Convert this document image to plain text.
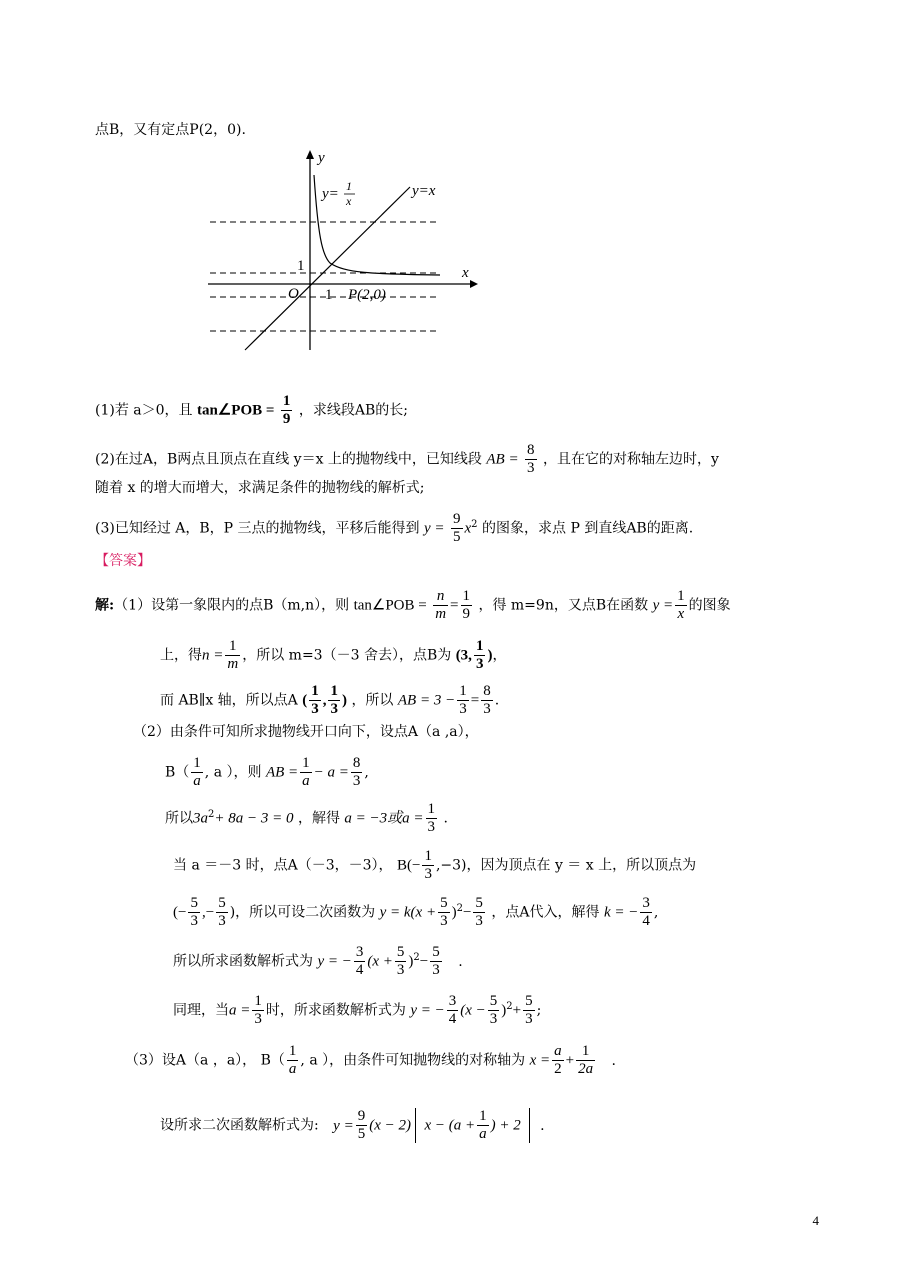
点B，又有定点P(2，0).
y
x
y= 1
x
y=x
1
O 1 P(2,0)
(1)若 a＞0，且 tan∠POB = $\frac{1}{9}$ ，求线段AB的长;
(2)在过A，B两点且顶点在直线 y＝x 上的抛物线中，已知线段 AB = $\frac{8}{3}$ ，且在它的对称轴左边时，y
随着 x 的增大而增大，求满足条件的抛物线的解析式;
(3)已知经过 A，B，P 三点的抛物线，平移后能得到 $y = \frac{9}{5} x^2$ 的图象，求点 P 到直线AB的距离.
【答案】
解:（1）设第一象限内的点B（m,n），则 tan∠POB = $\frac{n}{m} = \frac{1}{9}$ ，得 m=9n，又点B在函数 $y = \frac{1}{x}$ 的图象
上，得$n = \frac{1}{m}$ ，所以 m=3（－3 舍去），点B为 (3, $\frac{1}{3}$ )，
而 AB∥x 轴，所以点A ( $\frac{1}{3}$ , $\frac{1}{3}$ ) ，所以 AB = $3 - \frac{1}{3} = \frac{8}{3}$ .
（2）由条件可知所求抛物线开口向下，设点A（a ,a），
$B( \frac{1}{a}$ , a ），则 AB = $\frac{1}{a} - a = \frac{8}{3}$ ,
所以$3a^2+ 8a - 3 = 0$ ，解得 a = −3或$a = \frac{1}{3}$ .
当 a ＝－3 时，点A（－3，－3）， $B(- \frac{1}{3} ,-3)$，因为顶点在 y ＝ x 上，所以顶点为
(− $\frac{5}{3}$ ,− $\frac{5}{3}$ )，所以可设二次函数为 $y = k(x + \frac{5}{3} )^2- \frac{5}{3}$ ，点A代入，解得 k = − $\frac{3}{4}$ ,
所以所求函数解析式为 y = − $\frac{3}{4} (x + \frac{5}{3} )^2- \frac{5}{3}$ .
同理，当$a = \frac{1}{3}$ 时，所求函数解析式为 y = − $\frac{3}{4} (x - \frac{5}{3} )^2+ \frac{5}{3}$ ;
（3）设A（a ，a）， $B( \frac{1}{a}$ , a ），由条件可知抛物线的对称轴为 $x = \frac{a}{2} + \frac{1}{2a}$ .
设所求二次函数解析式为: $y = \frac{9}{5} (x - 2) x - (a + \frac{1}{a}$ ) + 2 .
4
